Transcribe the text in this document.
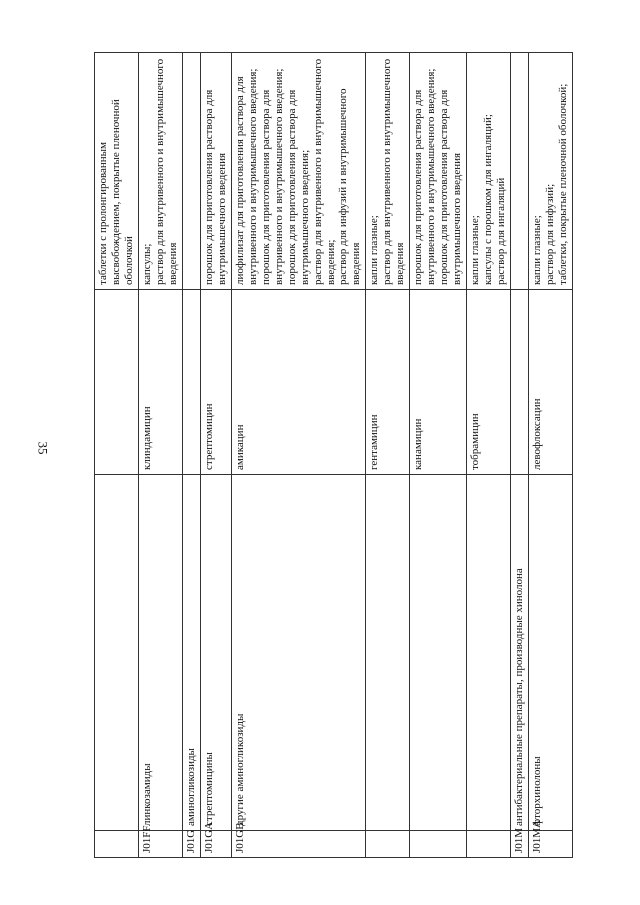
35

			таблетки с пролонгированным высвобождением, покрытые пленочной оболочкой

J01FF	линкозамиды	клиндамицин	капсулы; раствор для внутривенного и внутримышечного введения

J01G	аминогликозиды		
J01GA	стрептомицины	стрептомицин	порошок для приготовления раствора для внутримышечного введения

J01GB	другие аминогликозиды	амикацин	лиофилизат для приготовления раствора для внутривенного и внутримышечного введения; порошок для приготовления раствора для внутривенного и внутримышечного введения; порошок для приготовления раствора для внутримышечного введения; раствор для внутривенного и внутримышечного введения; раствор для инфузий и внутримышечного введения

		гентамицин	капли глазные; раствор для внутривенного и внутримышечного введения

		канамицин	порошок для приготовления раствора для внутривенного и внутримышечного введения; порошок для приготовления раствора для внутримышечного введения

		тобрамицин	капли глазные; капсулы с порошком для ингаляций; раствор для ингаляций

J01M	антибактериальные препараты, производные хинолона		
J01MA	фторхинолоны	левофлоксацин	капли глазные; раствор для инфузий; таблетки, покрытые пленочной оболочкой;
